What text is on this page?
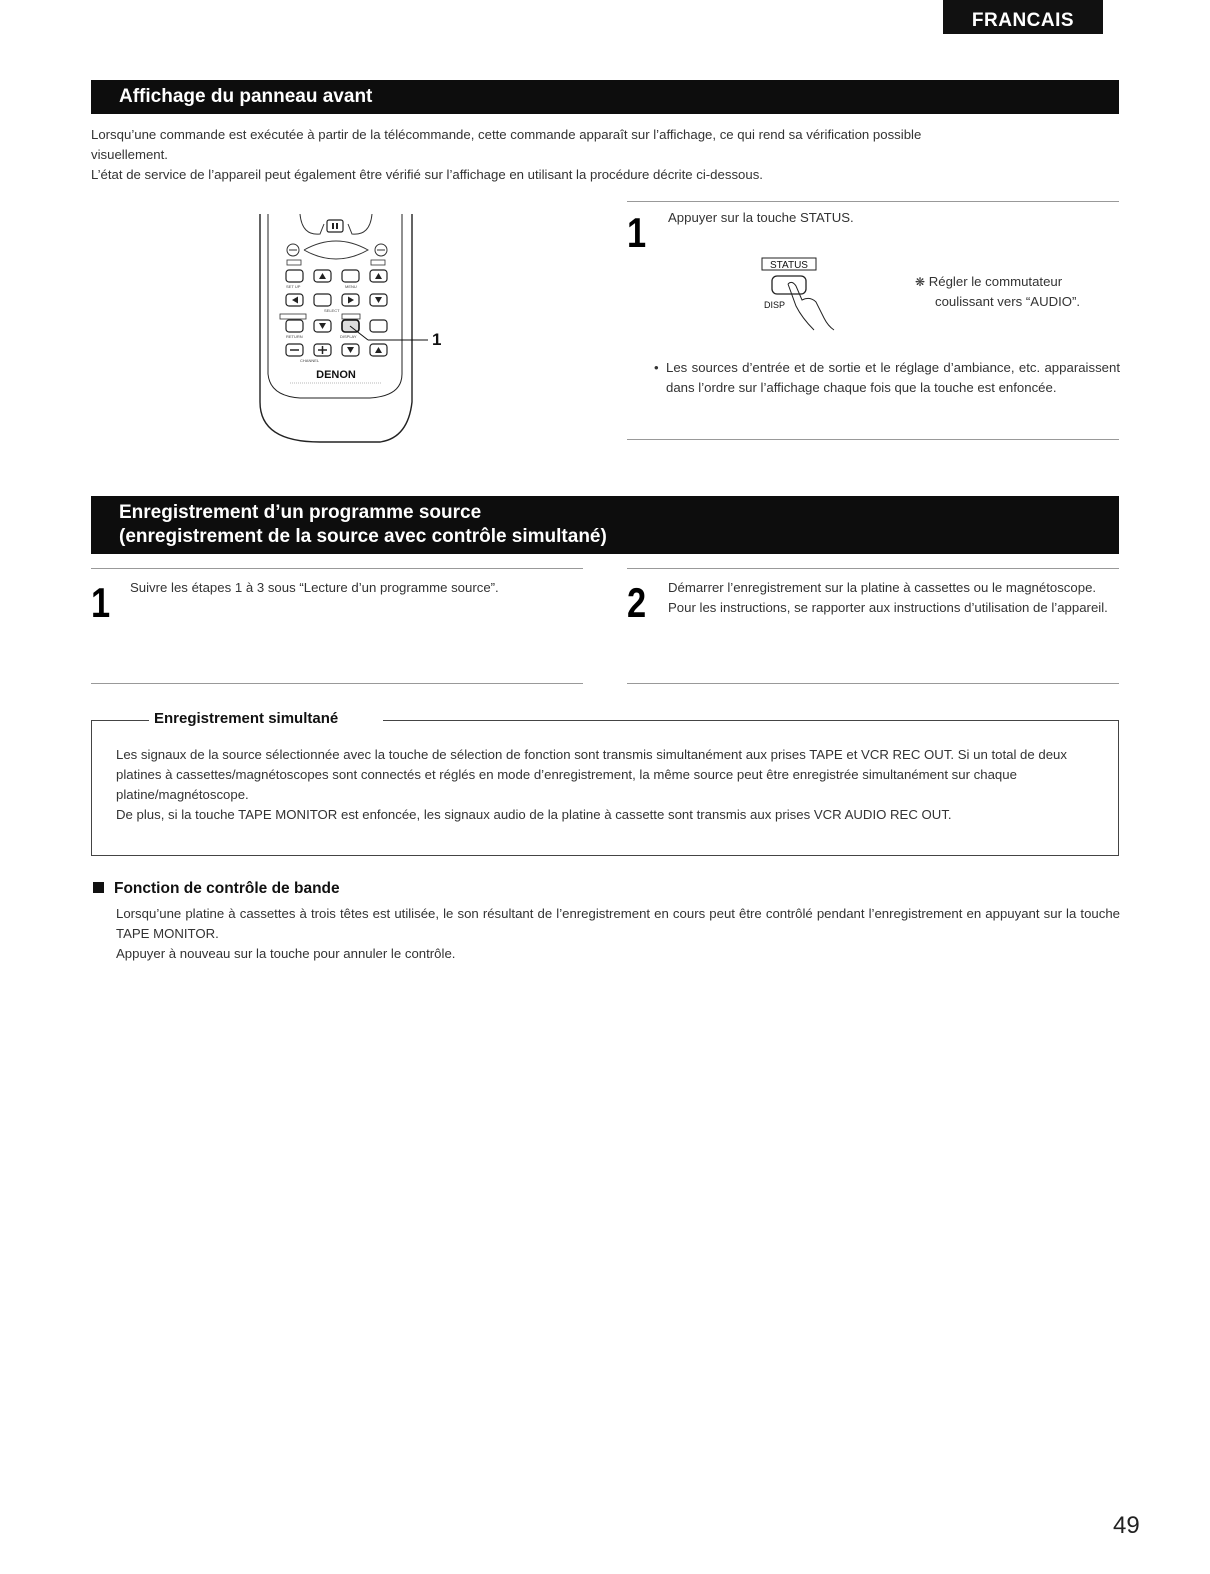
FRANCAIS
Affichage du panneau avant
Lorsqu’une commande est exécutée à partir de la télécommande, cette commande apparaît sur l’affichage, ce qui rend sa vérification possible
visuellement.
L’état de service de l’appareil peut également être vérifié sur l’affichage en utilisant la procédure décrite ci-dessous.
SET UP	MENU
SELECT
RETURN	DISPLAY
CHANNEL
DENON
1
1 Appuyer sur la touche STATUS.
STATUS
DISP
❋ Régler le commutateur
coulissant vers “AUDIO”.
• Les sources d’entrée et de sortie et le réglage d’ambiance, etc. apparaissent dans l’ordre sur l’affichage chaque fois que la touche est enfoncée.
Enregistrement d’un programme source
(enregistrement de la source avec contrôle simultané)
1 Suivre les étapes 1 à 3 sous “Lecture d’un programme source”.	2 Démarrer l’enregistrement sur la platine à cassettes ou le magnétoscope.
Pour les instructions, se rapporter aux instructions d’utilisation de l’appareil.
Enregistrement simultané
Les signaux de la source sélectionnée avec la touche de sélection de fonction sont transmis simultanément aux prises TAPE et VCR REC OUT. Si un total de deux platines à cassettes/magnétoscopes sont connectés et réglés en mode d’enregistrement, la même source peut être enregistrée simultanément sur chaque platine/magnétoscope.
De plus, si la touche TAPE MONITOR est enfoncée, les signaux audio de la platine à cassette sont transmis aux prises VCR AUDIO REC OUT.
Fonction de contrôle de bande
Lorsqu’une platine à cassettes à trois têtes est utilisée, le son résultant de l’enregistrement en cours peut être contrôlé pendant l’enregistrement en appuyant sur la touche TAPE MONITOR.
Appuyer à nouveau sur la touche pour annuler le contrôle.
49
